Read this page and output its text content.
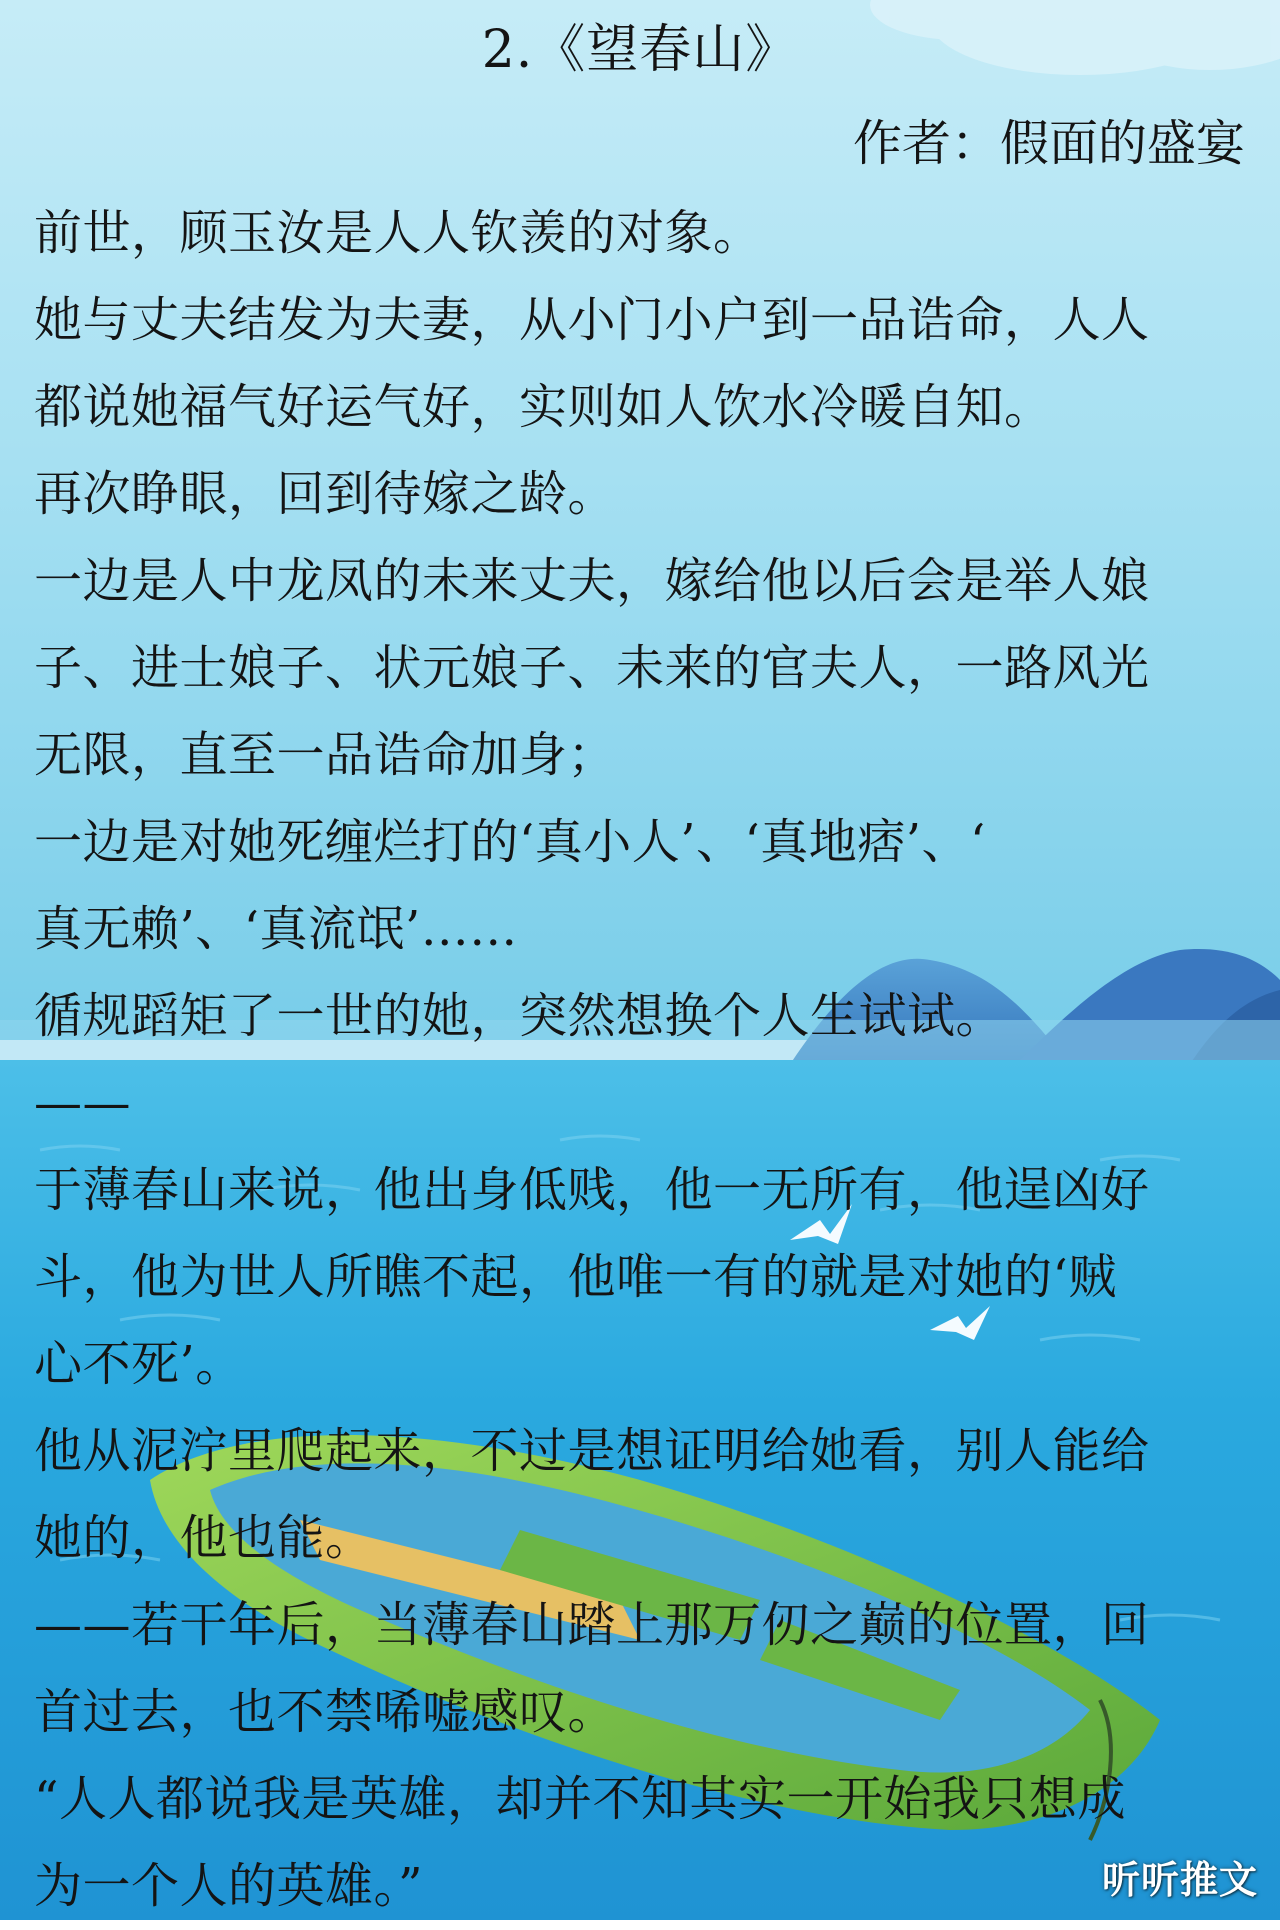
2.《望春山》
作者：假面的盛宴
前世，顾玉汝是人人钦羡的对象。
她与丈夫结发为夫妻，从小门小户到一品诰命，人人
都说她福气好运气好，实则如人饮水冷暖自知。
再次睁眼，回到待嫁之龄。
一边是人中龙凤的未来丈夫，嫁给他以后会是举人娘
子、进士娘子、状元娘子、未来的官夫人，一路风光
无限，直至一品诰命加身；
一边是对她死缠烂打的‘真小人’、‘真地痞’、‘
真无赖’、‘真流氓’……
循规蹈矩了一世的她，突然想换个人生试试。
——
于薄春山来说，他出身低贱，他一无所有，他逞凶好
斗，他为世人所瞧不起，他唯一有的就是对她的‘贼
心不死’。
他从泥泞里爬起来，不过是想证明给她看，别人能给
她的，他也能。
——若干年后，当薄春山踏上那万仞之巅的位置，回
首过去，也不禁唏嘘感叹。
“人人都说我是英雄，却并不知其实一开始我只想成
为一个人的英雄。”	听听推文
